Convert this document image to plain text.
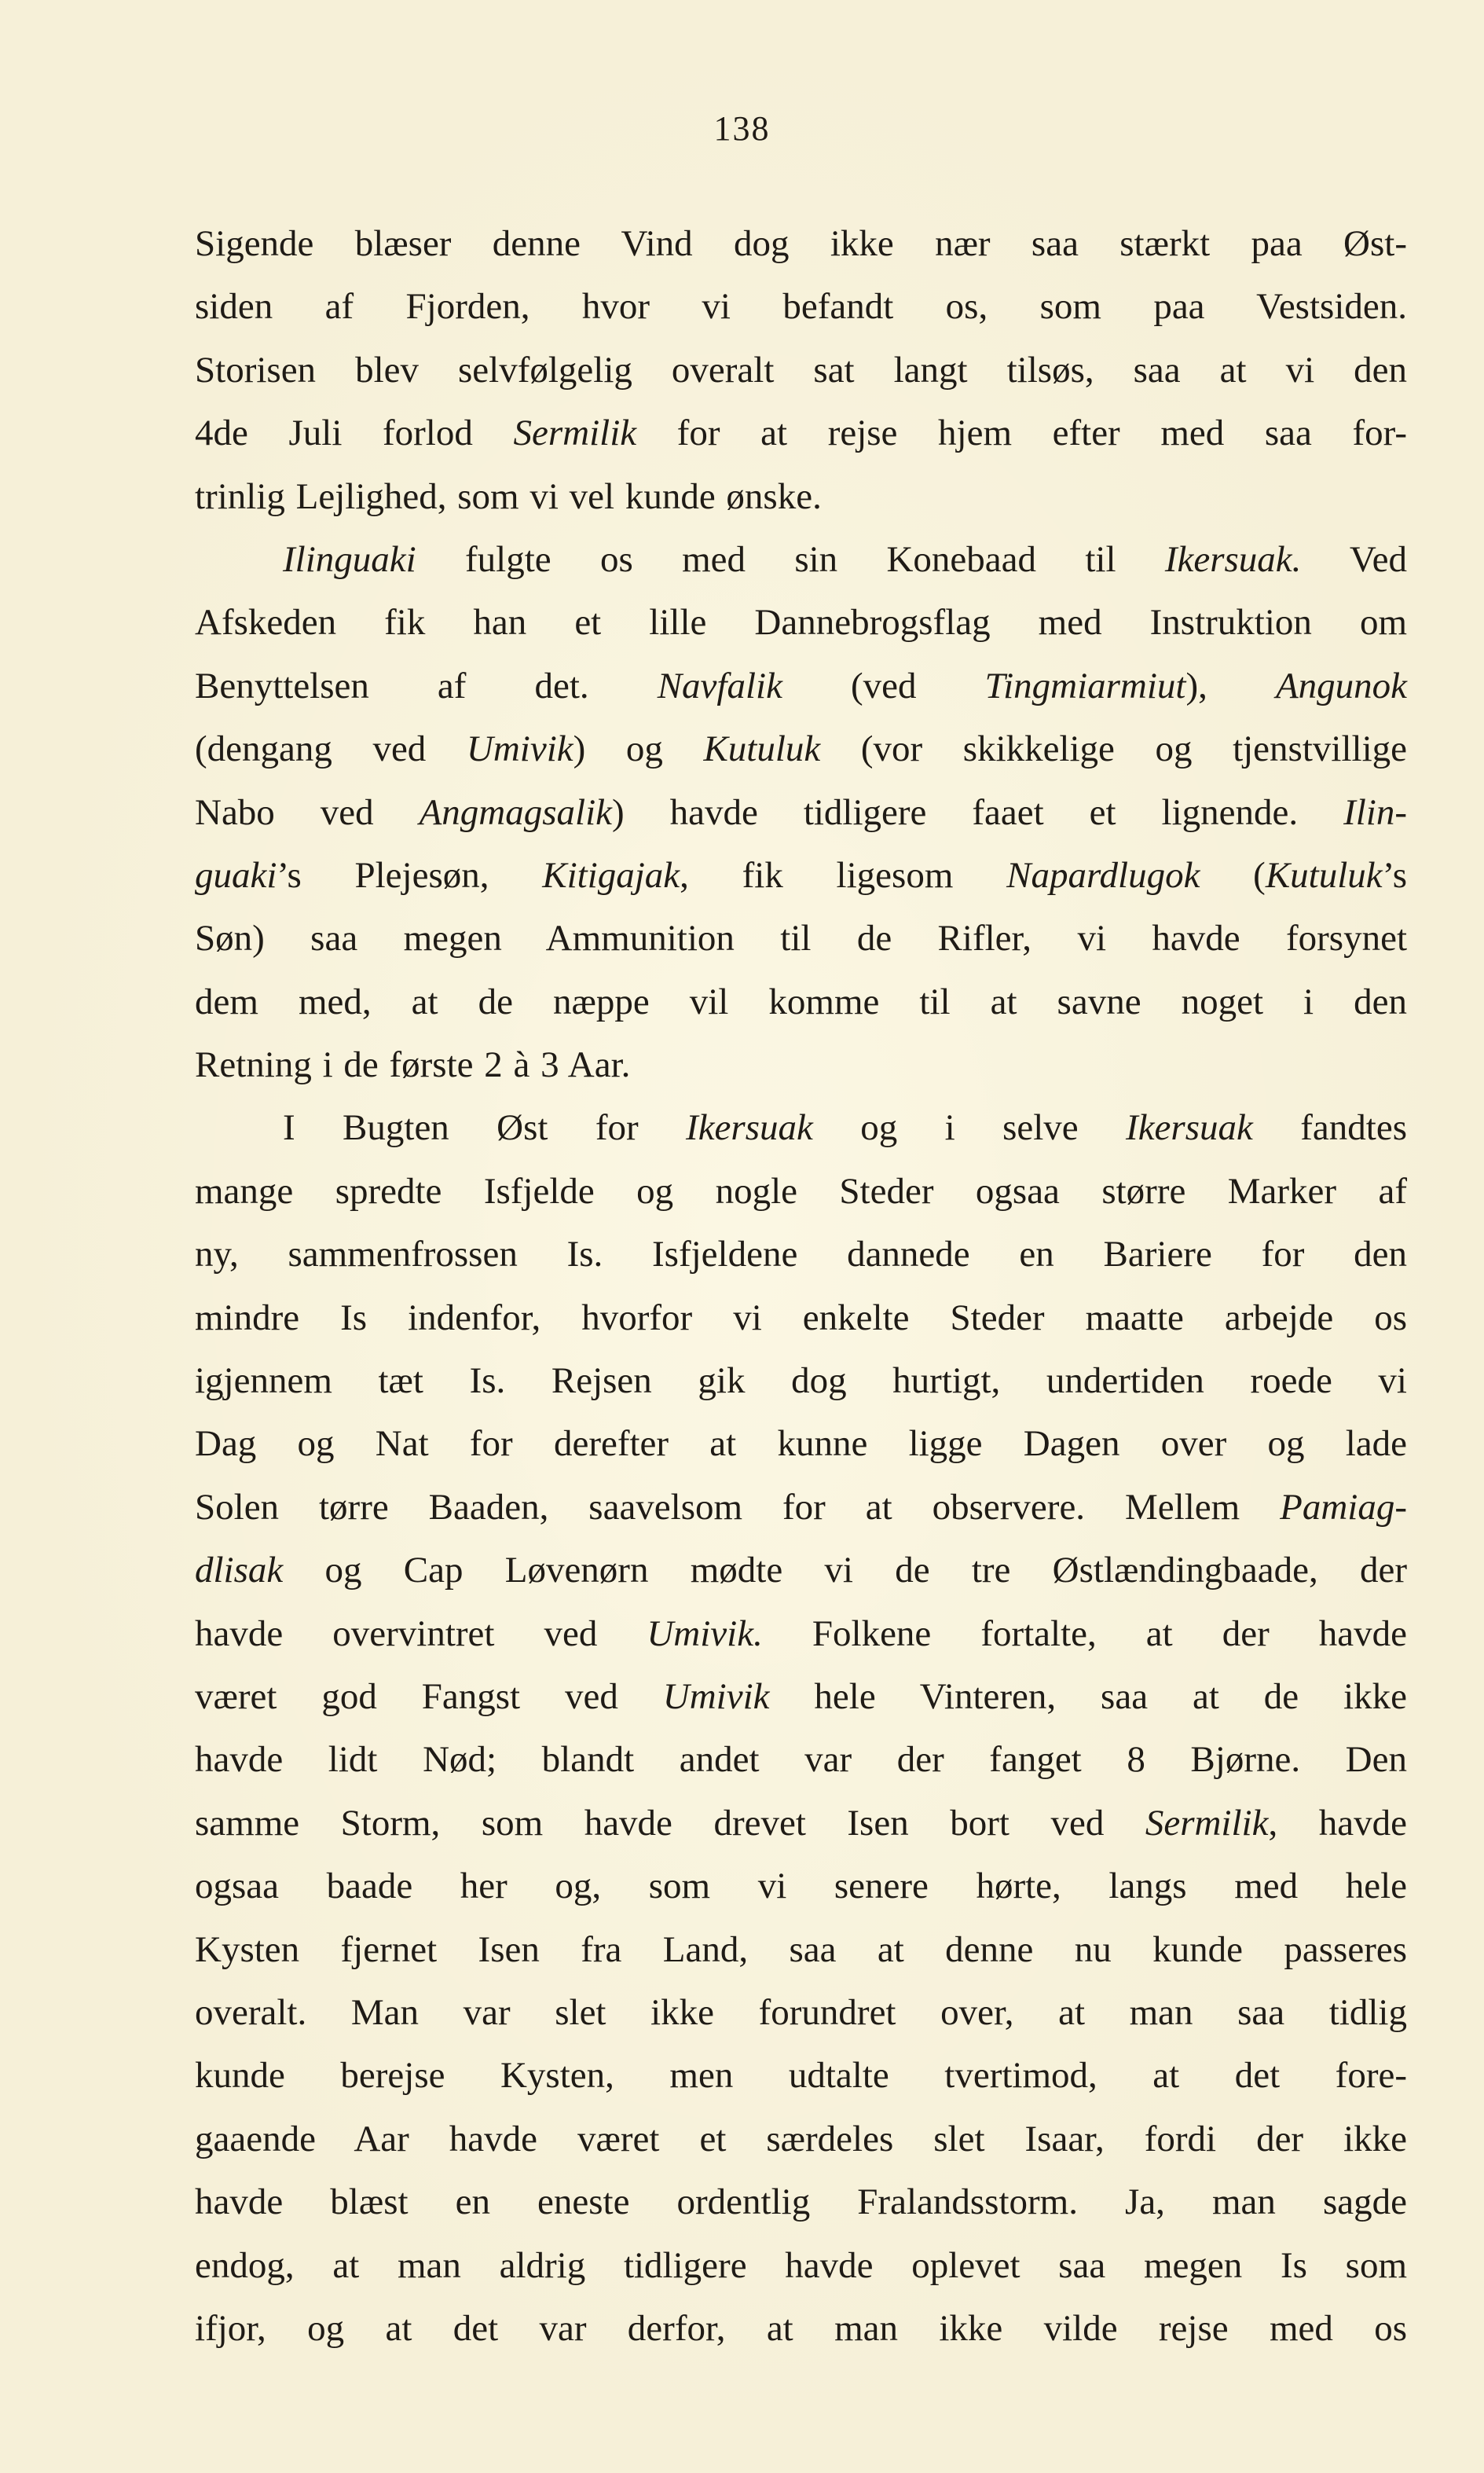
138
Sigende blæser denne Vind dog ikke nær saa stærkt paa Øst-
siden af Fjorden, hvor vi befandt os, som paa Vestsiden.
Storisen blev selvfølgelig overalt sat langt tilsøs, saa at vi den
4de Juli forlod Sermilik for at rejse hjem efter med saa for-
trinlig Lejlighed, som vi vel kunde ønske.
Ilinguaki fulgte os med sin Konebaad til Ikersuak. Ved
Afskeden fik han et lille Dannebrogsflag med Instruktion om
Benyttelsen af det. Navfalik (ved Tingmiarmiut), Angunok
(dengang ved Umivik) og Kutuluk (vor skikkelige og tjenstvillige
Nabo ved Angmagsalik) havde tidligere faaet et lignende. Ilin-
guaki’s Plejesøn, Kitigajak, fik ligesom Napardlugok (Kutuluk’s
Søn) saa megen Ammunition til de Rifler, vi havde forsynet
dem med, at de næppe vil komme til at savne noget i den
Retning i de første 2 à 3 Aar.
I Bugten Øst for Ikersuak og i selve Ikersuak fandtes
mange spredte Isfjelde og nogle Steder ogsaa større Marker af
ny, sammenfrossen Is. Isfjeldene dannede en Bariere for den
mindre Is indenfor, hvorfor vi enkelte Steder maatte arbejde os
igjennem tæt Is. Rejsen gik dog hurtigt, undertiden roede vi
Dag og Nat for derefter at kunne ligge Dagen over og lade
Solen tørre Baaden, saavelsom for at observere. Mellem Pamiag-
dlisak og Cap Løvenørn mødte vi de tre Østlændingbaade, der
havde overvintret ved Umivik. Folkene fortalte, at der havde
været god Fangst ved Umivik hele Vinteren, saa at de ikke
havde lidt Nød; blandt andet var der fanget 8 Bjørne. Den
samme Storm, som havde drevet Isen bort ved Sermilik, havde
ogsaa baade her og, som vi senere hørte, langs med hele
Kysten fjernet Isen fra Land, saa at denne nu kunde passeres
overalt. Man var slet ikke forundret over, at man saa tidlig
kunde berejse Kysten, men udtalte tvertimod, at det fore-
gaaende Aar havde været et særdeles slet Isaar, fordi der ikke
havde blæst en eneste ordentlig Fralandsstorm. Ja, man sagde
endog, at man aldrig tidligere havde oplevet saa megen Is som
ifjor, og at det var derfor, at man ikke vilde rejse med os
